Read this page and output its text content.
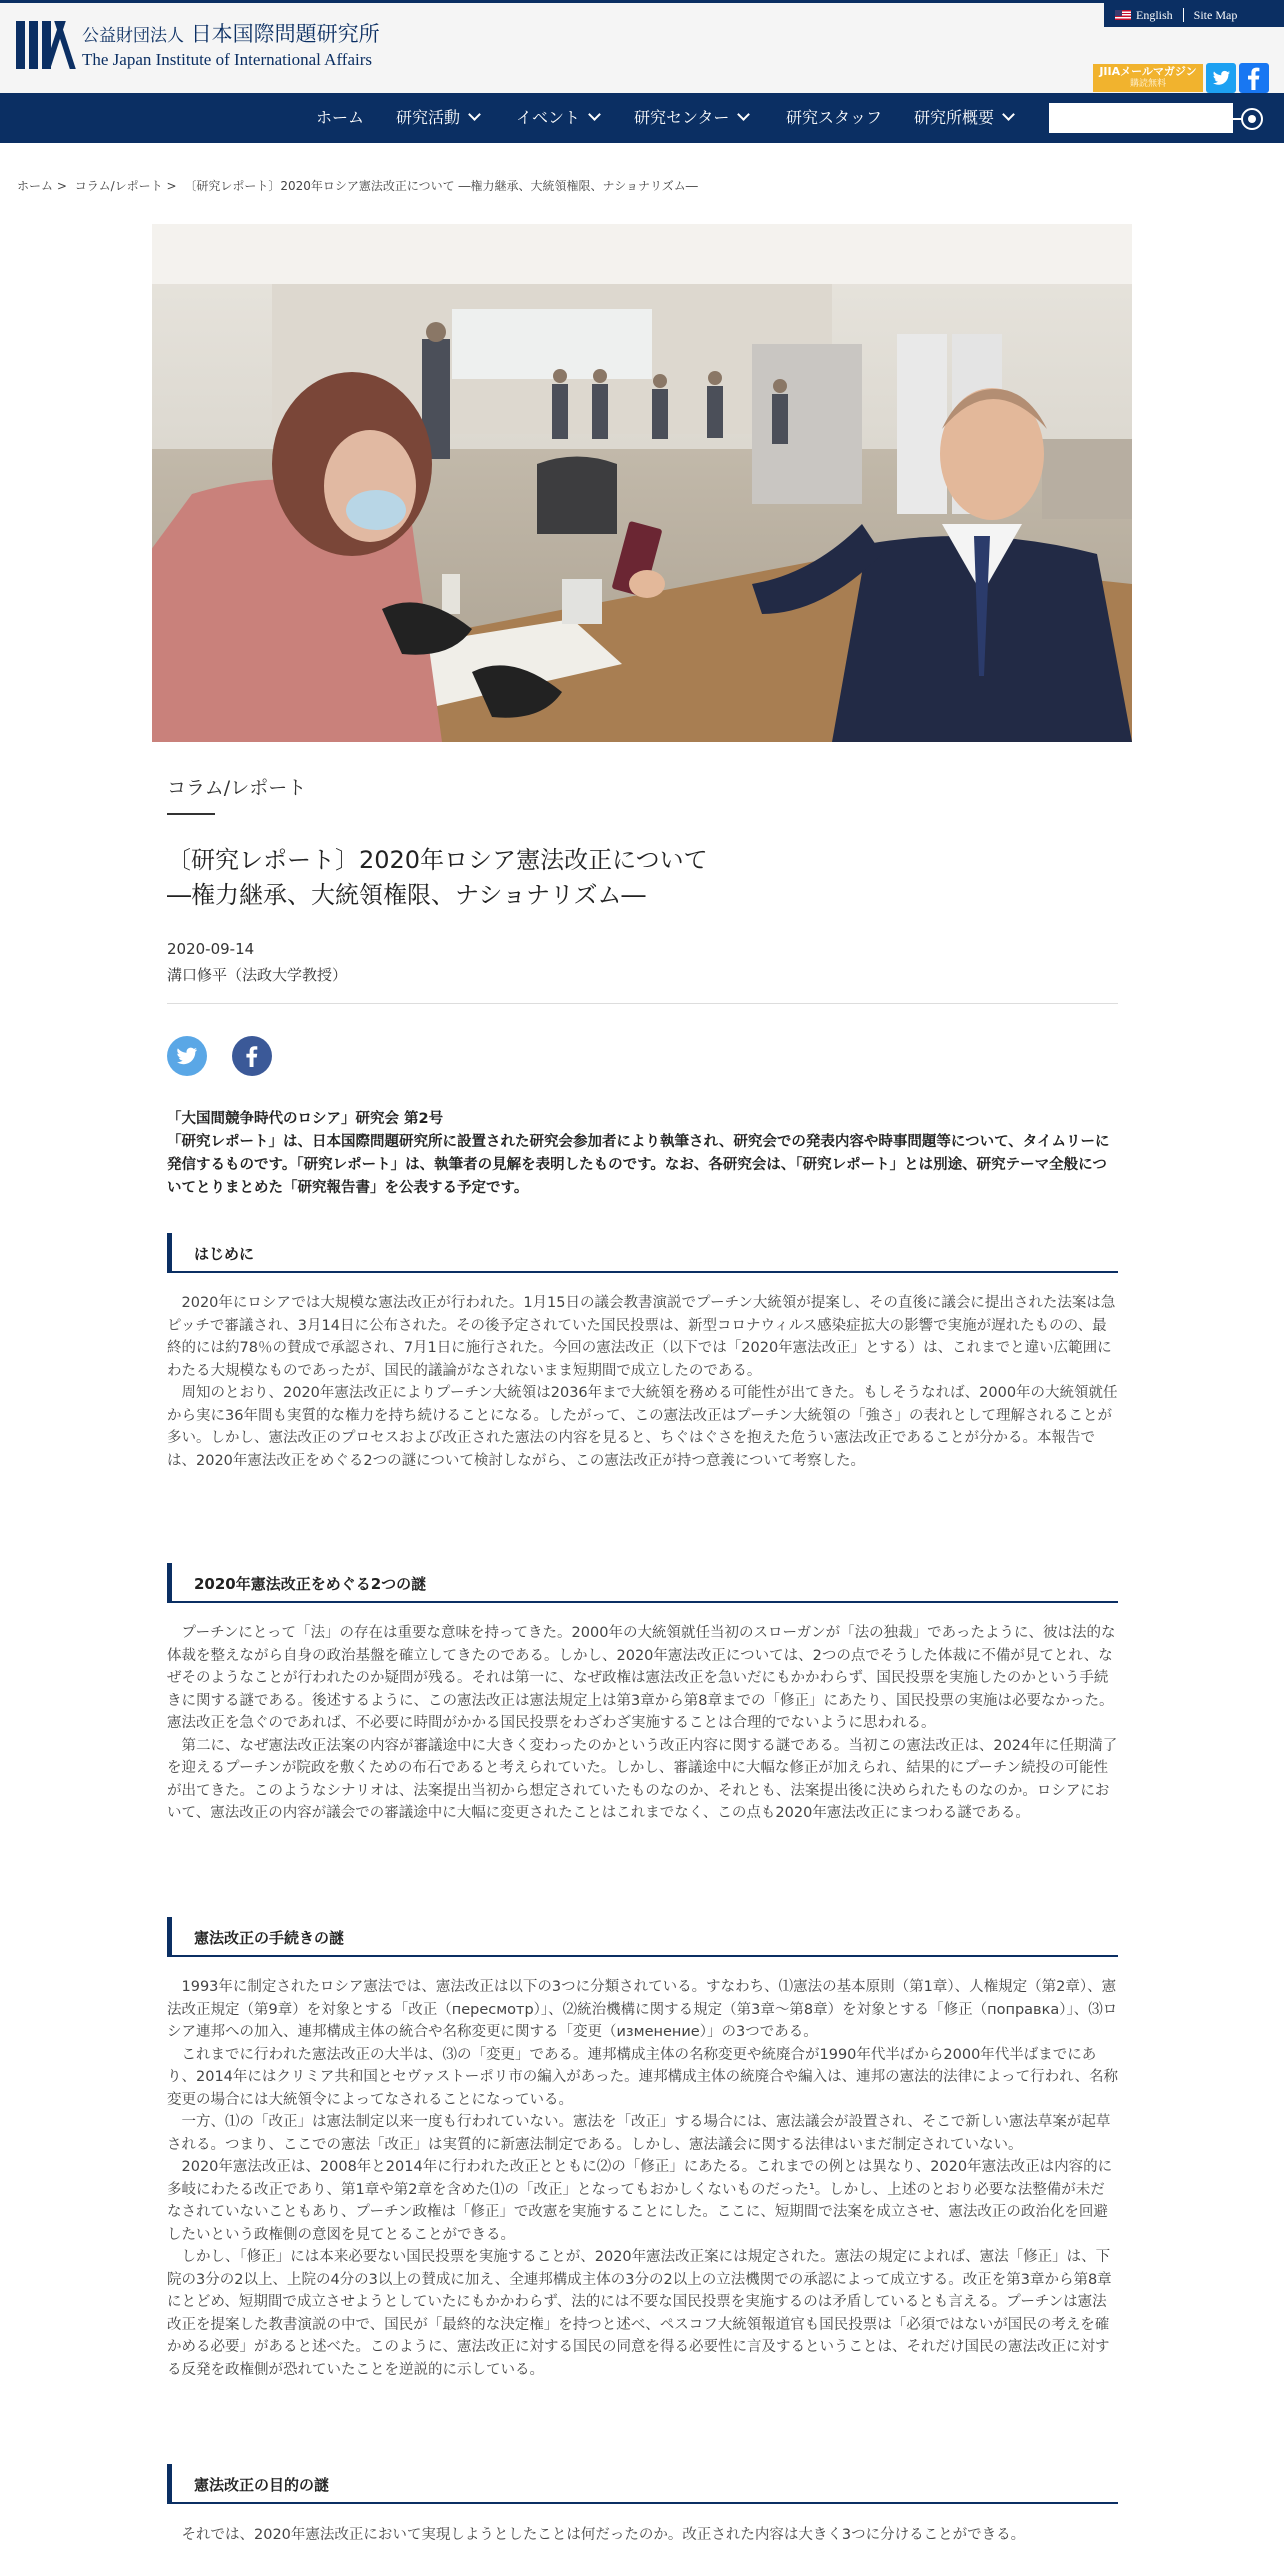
公益財団法人 日本国際問題研究所
The Japan Institute of International Affairs
English Site Map
JIIAメールマガジン
購読無料
ホーム 研究活動	イベント	研究センター	研究スタッフ 研究所概要
ホーム > コラム/レポート > 〔研究レポート〕2020年ロシア憲法改正について ―権力継承、大統領権限、ナショナリズム―
コラム/レポート
〔研究レポート〕2020年ロシア憲法改正について
―権力継承、大統領権限、ナショナリズム―
2020-09-14
溝口修平（法政大学教授）
「大国間競争時代のロシア」研究会 第2号
「研究レポート」は、日本国際問題研究所に設置された研究会参加者により執筆され、研究会での発表内容や時事問題等について、タイムリーに発信するものです。「研究レポート」は、執筆者の見解を表明したものです。なお、各研究会は、「研究レポート」とは別途、研究テーマ全般についてとりまとめた「研究報告書」を公表する予定です。
はじめに

2020年にロシアでは大規模な憲法改正が行われた。1月15日の議会教書演説でプーチン大統領が提案し、その直後に議会に提出された法案は急ピッチで審議され、3月14日に公布された。その後予定されていた国民投票は、新型コロナウィルス感染症拡大の影響で実施が遅れたものの、最終的には約78％の賛成で承認され、7月1日に施行された。今回の憲法改正（以下では「2020年憲法改正」とする）は、これまでと違い広範囲にわたる大規模なものであったが、国民的議論がなされないまま短期間で成立したのである。

周知のとおり、2020年憲法改正によりプーチン大統領は2036年まで大統領を務める可能性が出てきた。もしそうなれば、2000年の大統領就任から実に36年間も実質的な権力を持ち続けることになる。したがって、この憲法改正はプーチン大統領の「強さ」の表れとして理解されることが多い。しかし、憲法改正のプロセスおよび改正された憲法の内容を見ると、ちぐはぐさを抱えた危うい憲法改正であることが分かる。本報告では、2020年憲法改正をめぐる2つの謎について検討しながら、この憲法改正が持つ意義について考察した。

2020年憲法改正をめぐる2つの謎

プーチンにとって「法」の存在は重要な意味を持ってきた。2000年の大統領就任当初のスローガンが「法の独裁」であったように、彼は法的な体裁を整えながら自身の政治基盤を確立してきたのである。しかし、2020年憲法改正については、2つの点でそうした体裁に不備が見てとれ、なぜそのようなことが行われたのか疑問が残る。それは第一に、なぜ政権は憲法改正を急いだにもかかわらず、国民投票を実施したのかという手続きに関する謎である。後述するように、この憲法改正は憲法規定上は第3章から第8章までの「修正」にあたり、国民投票の実施は必要なかった。憲法改正を急ぐのであれば、不必要に時間がかかる国民投票をわざわざ実施することは合理的でないように思われる。

第二に、なぜ憲法改正法案の内容が審議途中に大きく変わったのかという改正内容に関する謎である。当初この憲法改正は、2024年に任期満了を迎えるプーチンが院政を敷くための布石であると考えられていた。しかし、審議途中に大幅な修正が加えられ、結果的にプーチン続投の可能性が出てきた。このようなシナリオは、法案提出当初から想定されていたものなのか、それとも、法案提出後に決められたものなのか。ロシアにおいて、憲法改正の内容が議会での審議途中に大幅に変更されたことはこれまでなく、この点も2020年憲法改正にまつわる謎である。

憲法改正の手続きの謎

1993年に制定されたロシア憲法では、憲法改正は以下の3つに分類されている。すなわち、⑴憲法の基本原則（第1章）、人権規定（第2章）、憲法改正規定（第9章）を対象とする「改正（пересмотр）」、⑵統治機構に関する規定（第3章～第8章）を対象とする「修正（поправка）」、⑶ロシア連邦への加入、連邦構成主体の統合や名称変更に関する「変更（изменение）」の3つである。

これまでに行われた憲法改正の大半は、⑶の「変更」である。連邦構成主体の名称変更や統廃合が1990年代半ばから2000年代半ばまでにあり、2014年にはクリミア共和国とセヴァストーポリ市の編入があった。連邦構成主体の統廃合や編入は、連邦の憲法的法律によって行われ、名称変更の場合には大統領令によってなされることになっている。

一方、⑴の「改正」は憲法制定以来一度も行われていない。憲法を「改正」する場合には、憲法議会が設置され、そこで新しい憲法草案が起草される。つまり、ここでの憲法「改正」は実質的に新憲法制定である。しかし、憲法議会に関する法律はいまだ制定されていない。

2020年憲法改正は、2008年と2014年に行われた改正とともに⑵の「修正」にあたる。これまでの例とは異なり、2020年憲法改正は内容的に多岐にわたる改正であり、第1章や第2章を含めた⑴の「改正」となってもおかしくないものだった¹。しかし、上述のとおり必要な法整備が未だなされていないこともあり、プーチン政権は「修正」で改憲を実施することにした。ここに、短期間で法案を成立させ、憲法改正の政治化を回避したいという政権側の意図を見てとることができる。

しかし、「修正」には本来必要ない国民投票を実施することが、2020年憲法改正案には規定された。憲法の規定によれば、憲法「修正」は、下院の3分の2以上、上院の4分の3以上の賛成に加え、全連邦構成主体の3分の2以上の立法機関での承認によって成立する。改正を第3章から第8章にとどめ、短期間で成立させようとしていたにもかかわらず、法的には不要な国民投票を実施するのは矛盾しているとも言える。プーチンは憲法改正を提案した教書演説の中で、国民が「最終的な決定権」を持つと述べ、ペスコフ大統領報道官も国民投票は「必須ではないが国民の考えを確かめる必要」があると述べた。このように、憲法改正に対する国民の同意を得る必要性に言及するということは、それだけ国民の憲法改正に対する反発を政権側が恐れていたことを逆説的に示している。

憲法改正の目的の謎

それでは、2020年憲法改正において実現しようとしたことは何だったのか。改正された内容は大きく3つに分けることができる。
